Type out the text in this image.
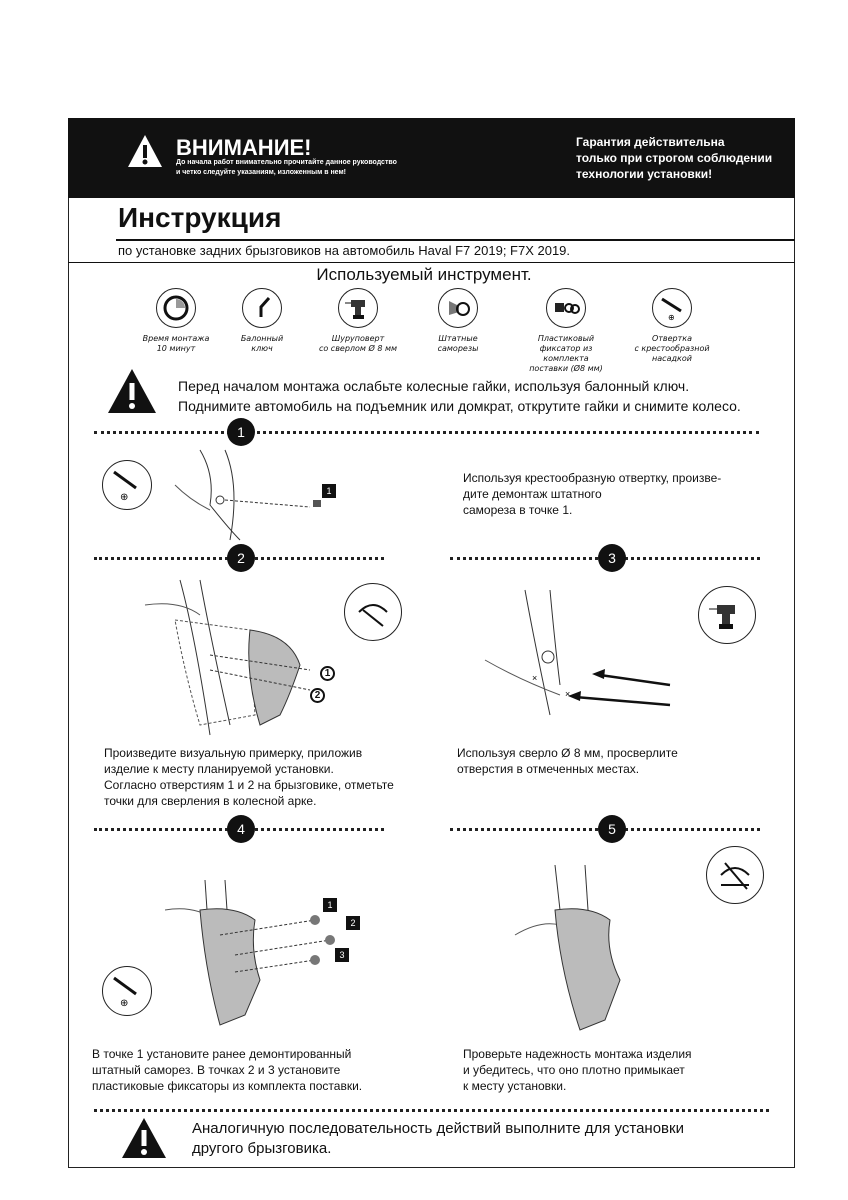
ВНИМАНИЕ!
До начала работ внимательно прочитайте данное руководство
и четко следуйте указаниям, изложенным в нем!
Гарантия действительна
только при строгом соблюдении
технологии установки!
Инструкция
по установке задних брызговиков на автомобиль Haval F7 2019; F7X 2019.
Используемый инструмент.
Время монтажа
10 минут
Балонный
ключ
Шуруповерт
со сверлом Ø 8 мм
Штатные
саморезы
Пластиковый
фиксатор из
комплекта
поставки (Ø8 мм)
⊕
Отвертка
с крестообразной
насадкой
Перед началом монтажа ослабьте колесные гайки, используя балонный ключ.
Поднимите автомобиль на подъемник или домкрат, открутите гайки и снимите колесо.
1
⊕
1
Используя крестообразную отвертку, произве-
дите демонтаж штатного
самореза в точке 1.
2	3
1
2
×
×
Произведите визуальную примерку, приложив
изделие к месту планируемой установки.
Согласно отверстиям 1 и 2 на брызговике, отметьте
точки для сверления в колесной арке.
Используя сверло Ø 8 мм, просверлите
отверстия в отмеченных местах.
4	5
1
2
3
⊕
В точке 1 установите ранее демонтированный
штатный саморез. В точках 2 и 3 установите
пластиковые фиксаторы из комплекта поставки.
Проверьте надежность монтажа изделия
и убедитесь, что оно плотно примыкает
к месту установки.
Аналогичную последовательность действий выполните для установки
другого брызговика.
